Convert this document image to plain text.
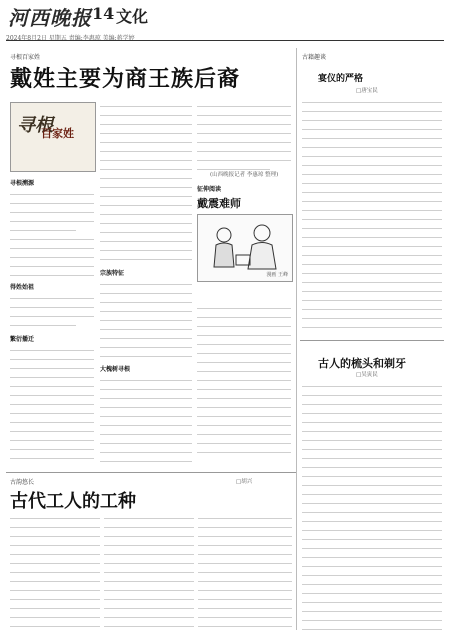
河西晚报 14 文化
2024年8月2日 星期五 责编:李惠琼 美编:蒋学婷
寻根百家姓
戴姓主要为商王族后裔
寻根
百家姓
寻根溯源
得姓始祖
繁衍播迁
宗族特征
大槐树寻根
(山西晚报记者 李惠琼 整理)
征伸阅读
戴震难师
漫画 王峰
古籍趣谈
宴仪的严格
□唐宝民
古人的梳头和剃牙
□吴寅民
古韵悠长
古代工人的工种
□胡兴
